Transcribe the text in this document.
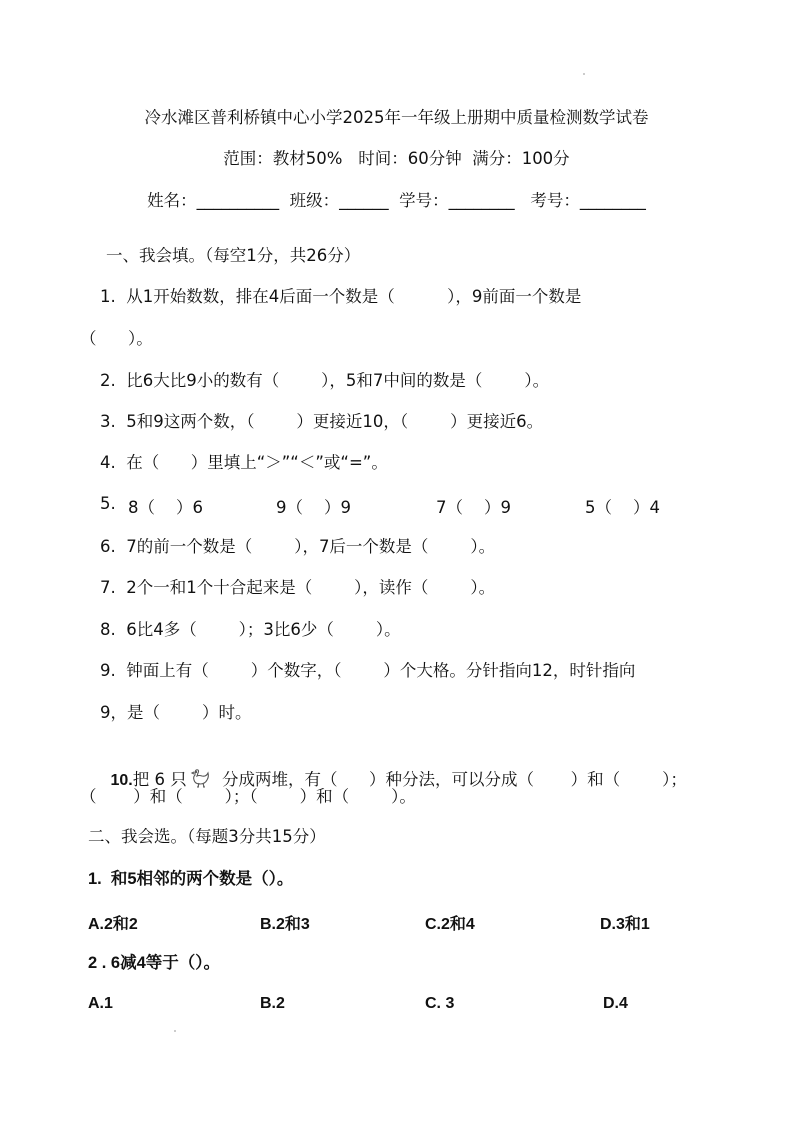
冷水滩区普利桥镇中心小学2025年一年级上册期中质量检测数学试卷
范围：教材50%   时间：60分钟  满分：100分
姓名：__________  班级：______  学号：________   考号：________
一、我会填。（每空1分，共26分）
1.  从1开始数数，排在4后面一个数是（          ），9前面一个数是
（      ）。
2.  比6大比9小的数有（        ），5和7中间的数是（        ）。
3.  5和9这两个数，（        ）更接近10，（        ）更接近6。
4.  在（      ）里填上“＞”“＜”或“=”。
5. 8（    ）6	9（    ）9	7（    ）9	5（    ）4
6.  7的前一个数是（        ），7后一个数是（        ）。
7.  2个一和1个十合起来是（        ），读作（        ）。
8.  6比4多（        ）；3比6少（        ）。
9.  钟面上有（        ）个数字，（        ）个大格。分针指向12，时针指向
9，是（        ）时。

10.把 6 只 分成两堆，有（      ）种分法，可以分成（       ）和（        ）；

（       ）和（        ）；（        ）和（        ）。
二、我会选。（每题3分共15分）
1.  和5相邻的两个数是（）。
A.2和2	B.2和3	C.2和4	D.3和1
2 . 6减4等于（）。
A.1	B.2	C. 3	D.4
